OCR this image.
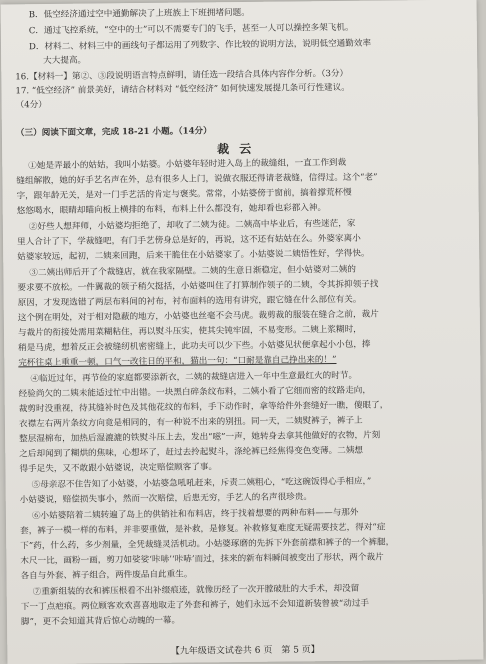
B．低空经济通过空中通勤解决了上班族上下班拥堵问题。
C．通过飞控系统，“空中的士”可以不需要专门的飞手，甚至一人可以操控多架飞机。
D．材料二、材料三中的画线句子都运用了列数字、作比较的说明方法，说明低空通勤效率
大大提高。
16.【材料一】第②、③段说明语言特点鲜明，请任选一段结合具体内容作分析。（3分）
17. “低空经济” 前景美好，请结合材料对 “低空经济” 如何快速发展提几条可行性建议。
（4分）
（三）阅读下面文章，完成 18-21 小题。（14分）
裁 云
①她是弄最小的姑姑，我叫小姑婆。小姑婆年轻时进入岛上的裁缝组，一直工作到裁
缝组解散，她的好手艺名声在外，总有很多人上门，说做衣服还得请老裁缝，信得过。这个“老”
字，跟年龄无关，是对一门手艺活的肯定与褒奖。常常，小姑婆傍于窗前，搞着撑荒杯慢
悠悠喝水，眼睛却瞄向板上横排的布料，布料上什么都没有，她却看也彩都入神。
②好些人想拜师，小姑婆均拒绝了，却收了二姨为徒。二姨高中毕业后，有些迷茫，家
里人合计了下，学裁缝吧，有门手艺傍身总是好的，再说，这不还有姑姑在么。外婆家离小
姑婆家较远，起初，二姨来回跑，后来干脆住在小姑婆家了。小姑婆说二姨悟性好，学得快。
③二姨出师后开了个裁缝店，就在我家隔壁。二姨的生意日渐稳定，但小姑婆对二姨的
要求要不放松。一件翼裁的领子稍欠挺括，小姑婆叫住了打算制作领子的二姨，令其拆抑领子找
原因，才发现选错了两层布料间的衬布，衬布面料的选用有讲究，跟它缝在什么部位有关。
这个例在明处，对于相对隐蔽的地方，小姑婆也丝毫不会马虎。裁剪裁的服装在缝合之前，裁片
与裁片的衔接处需用菜糊粘住，再以熨斗压实，使其尖钝牢固，不易变形。二姨上浆糊时，
稍是马虎，想着反正会被缝纫机密密缝上，此功夫可以少下些。小姑婆见状便拿起小小包，捧
完杯往桌上重重一顿，口气一改往日的平和，猫出一句：“口耐是靠自己挣出来的！”
④临近过年，再节俭的家庭都要添新衣，二姨的裁缝店进入一年中生意最红火的时节。
经验尚欠的二姨未能适过忙中出错。一块黑白碎条纹布料，二姨小看了它细而密的纹路走向，
裁剪时没重视，待其缝补时色及其他花纹的布料，手下动作时，拿等给件外套缝好一瞧，傻眼了，
衣襟左右两片条纹方向竟是相同的，有一种说不出来的别扭。同一天，二姨熨裤子，裤子上
整层湿棉布，加热后湿漉漉的铁熨斗压上去，发出“嗞”一声，她转身去拿其他做好的衣物，片刻
之后却闻到了糊烘的焦味，心想坏了，赶过去拎起熨斗，涤纶裤已经焦得变色变薄。二姨想
得手足失，又不敢跟小姑婆说，决定赔偿顾客了事。
⑤母亲忍不住告知了小姑婆，小姑婆急吼吼赶来，斥责二姨粗心，“吃这碗饭得心手相应，”
小姑婆说，赔偿损失事小，然而一次赔偿，后患无穷，手艺人的名声很珍贵。
⑥小姑婆陪着二姨转遍了岛上的供销社和布料店，终于找着想要的两种布料——与那外
套，裤子一模一样的布料，并非要重做，是补救，是修复。补救修复难度无疑需要技艺，得对“症
下”药，什么药，多少剂量，全凭裁缝灵活机动。小姑婆琢磨的先拆下外套前襟和裤子的一个裤腿，
木尺一比，画粉一画，剪刀如娑娑‘咔哧’‘咔哧’而过，抹来的新布料瞬间被变出了形状，两个裁片
各自与外套、裤子组合，两件废品自此重生。
⑦重新组装的衣和裤压根看不出补缀痕迹，就像历经了一次开膛破肚的大手术，却没留
下一丁点疤痕。两位顾客欢欢喜喜地取走了外套和裤子，她们永远不会知道新装曾被“动过手
脚”，更不会知道其背后惊心动魄的一幕。
【九年级语文试卷共 6 页　第 5 页】
